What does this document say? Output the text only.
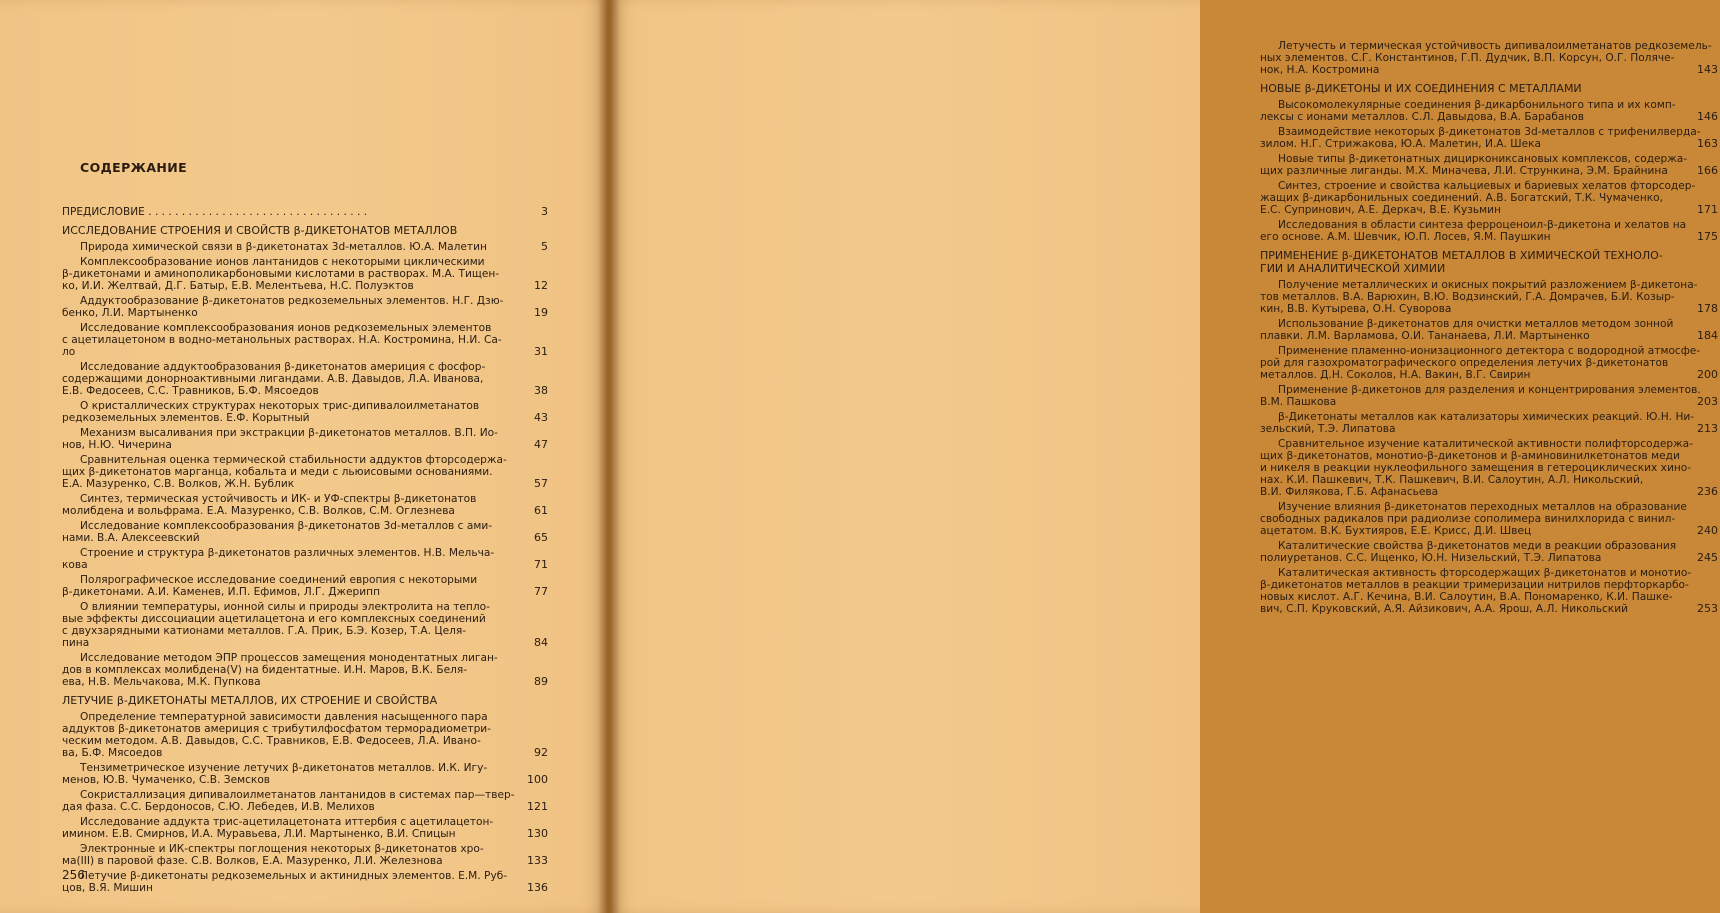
СОДЕРЖАНИЕ
ПРЕДИСЛОВИЕ . . . . . . . . . . . . . . . . . . . . . . . . . . . . . . . . .	3
ИССЛЕДОВАНИЕ СТРОЕНИЯ И СВОЙСТВ β-ДИКЕТОНАТОВ МЕТАЛЛОВ
Природа химической связи в β-дикетонатах 3d-металлов. Ю.А. Малетин	5
Комплексообразование ионов лантанидов с некоторыми циклическими
β-дикетонами и аминополикарбоновыми кислотами в растворах. М.А. Тищен-
ко, И.И. Желтвай, Д.Г. Батыр, Е.В. Мелентьева, Н.С. Полуэктов	12
Аддуктообразование β-дикетонатов редкоземельных элементов. Н.Г. Дзю-
бенко, Л.И. Мартыненко	19
Исследование комплексообразования ионов редкоземельных элементов
с ацетилацетоном в водно-метанольных растворах. Н.А. Костромина, Н.И. Са-
ло	31
Исследование аддуктообразования β-дикетонатов америция с фосфор-
содержащими донорноактивными лигандами. А.В. Давыдов, Л.А. Иванова,
Е.В. Федосеев, С.С. Травников, Б.Ф. Мясоедов	38
О кристаллических структурах некоторых трис-дипивалоилметанатов
редкоземельных элементов. Е.Ф. Корытный	43
Механизм высаливания при экстракции β-дикетонатов металлов. В.П. Ио-
нов, Н.Ю. Чичерина	47
Сравнительная оценка термической стабильности аддуктов фторсодержа-
щих β-дикетонатов марганца, кобальта и меди с льюисовыми основаниями.
Е.А. Мазуренко, С.В. Волков, Ж.Н. Бублик	57
Синтез, термическая устойчивость и ИК- и УФ-спектры β-дикетонатов
молибдена и вольфрама. Е.А. Мазуренко, С.В. Волков, С.М. Оглезнева	61
Исследование комплексообразования β-дикетонатов 3d-металлов с ами-
нами. В.А. Алексеевский	65
Строение и структура β-дикетонатов различных элементов. Н.В. Мельча-
кова	71
Полярографическое исследование соединений европия с некоторыми
β-дикетонами. А.И. Каменев, И.П. Ефимов, Л.Г. Джерипп	77
О влиянии температуры, ионной силы и природы электролита на тепло-
вые эффекты диссоциации ацетилацетона и его комплексных соединений
с двухзарядными катионами металлов. Г.А. Прик, Б.Э. Козер, Т.А. Целя-
пина	84
Исследование методом ЭПР процессов замещения монодентатных лиган-
дов в комплексах молибдена(V) на бидентатные. И.Н. Маров, В.К. Беля-
ева, Н.В. Мельчакова, М.К. Пупкова	89
ЛЕТУЧИЕ β-ДИКЕТОНАТЫ МЕТАЛЛОВ, ИХ СТРОЕНИЕ И СВОЙСТВА
Определение температурной зависимости давления насыщенного пара
аддуктов β-дикетонатов америция с трибутилфосфатом терморадиометри-
ческим методом. А.В. Давыдов, С.С. Травников, Е.В. Федосеев, Л.А. Ивано-
ва, Б.Ф. Мясоедов	92
Тензиметрическое изучение летучих β-дикетонатов металлов. И.К. Игу-
менов, Ю.В. Чумаченко, С.В. Земсков	100
Сокристаллизация дипивалоилметанатов лантанидов в системах пар—твер-
дая фаза. С.С. Бердоносов, С.Ю. Лебедев, И.В. Мелихов	121
Исследование аддукта трис-ацетилацетоната иттербия с ацетилацетон-
имином. Е.В. Смирнов, И.А. Муравьева, Л.И. Мартыненко, В.И. Спицын	130
Электронные и ИК-спектры поглощения некоторых β-дикетонатов хро-
ма(III) в паровой фазе. С.В. Волков, Е.А. Мазуренко, Л.И. Железнова	133
Летучие β-дикетонаты редкоземельных и актинидных элементов. Е.М. Руб-
цов, В.Я. Мишин	136
256
Летучесть и термическая устойчивость дипивалоилметанатов редкоземель-
ных элементов. С.Г. Константинов, Г.П. Дудчик, В.П. Корсун, О.Г. Поляче-
нок, Н.А. Костромина	143
НОВЫЕ β-ДИКЕТОНЫ И ИХ СОЕДИНЕНИЯ С МЕТАЛЛАМИ
Высокомолекулярные соединения β-дикарбонильного типа и их комп-
лексы с ионами металлов. С.Л. Давыдова, В.А. Барабанов	146
Взаимодействие некоторых β-дикетонатов 3d-металлов с трифенилвердa-
зилом. Н.Г. Стрижакова, Ю.А. Малетин, И.А. Шека	163
Новые типы β-дикетонатных дициркониксановых комплексов, содержа-
щих различные лиганды. М.Х. Миначева, Л.И. Стрункина, Э.М. Брайнина	166
Синтез, строение и свойства кальциевых и бариевых хелатов фторсодер-
жащих β-дикарбонильных соединений. А.В. Богатский, Т.К. Чумаченко,
Е.С. Супринович, А.Е. Деркач, В.Е. Кузьмин	171
Исследования в области синтеза ферроценоил-β-дикетона и хелатов на
его основе. А.М. Шевчик, Ю.П. Лосев, Я.М. Паушкин	175
ПРИМЕНЕНИЕ β-ДИКЕТОНАТОВ МЕТАЛЛОВ В ХИМИЧЕСКОЙ ТЕХНОЛО-
ГИИ И АНАЛИТИЧЕСКОЙ ХИМИИ
Получение металлических и окисных покрытий разложением β-дикетона-
тов металлов. В.А. Варюхин, В.Ю. Водзинский, Г.А. Домрачев, Б.И. Козыр-
кин, В.В. Кутырева, О.Н. Суворова	178
Использование β-дикетонатов для очистки металлов методом зонной
плавки. Л.М. Варламова, О.И. Тананаева, Л.И. Мартыненко	184
Применение пламенно-ионизационного детектора с водородной атмосфе-
рой для газохроматографического определения летучих β-дикетонатов
металлов. Д.Н. Соколов, Н.А. Вакин, В.Г. Свирин	200
Применение β-дикетонов для разделения и концентрирования элементов.
В.М. Пашкова	203
β-Дикетонаты металлов как катализаторы химических реакций. Ю.Н. Ни-
зельский, Т.Э. Липатова	213
Сравнительное изучение каталитической активности полифторсодержа-
щих β-дикетонатов, монотио-β-дикетонов и β-аминовинилкетонатов меди
и никеля в реакции нуклеофильного замещения в гетероциклических хино-
нах. К.И. Пашкевич, Т.К. Пашкевич, В.И. Салоутин, А.Л. Никольский,
В.И. Филякова, Г.Б. Афанасьева	236
Изучение влияния β-дикетонатов переходных металлов на образование
свободных радикалов при радиолизе сополимера винилхлорида с винил-
ацетатом. В.К. Бухтияров, Е.Е. Крисс, Д.И. Швец	240
Каталитические свойства β-дикетонатов меди в реакции образования
полиуретанов. С.С. Ищенко, Ю.Н. Низельский, Т.Э. Липатова	245
Каталитическая активность фторсодержащих β-дикетонатов и монотио-
β-дикетонатов металлов в реакции тримеризации нитрилов перфторкарбо-
новых кислот. А.Г. Кечина, В.И. Салоутин, В.А. Пономаренко, К.И. Пашке-
вич, С.П. Круковский, А.Я. Айзикович, А.А. Ярош, А.Л. Никольский	253
